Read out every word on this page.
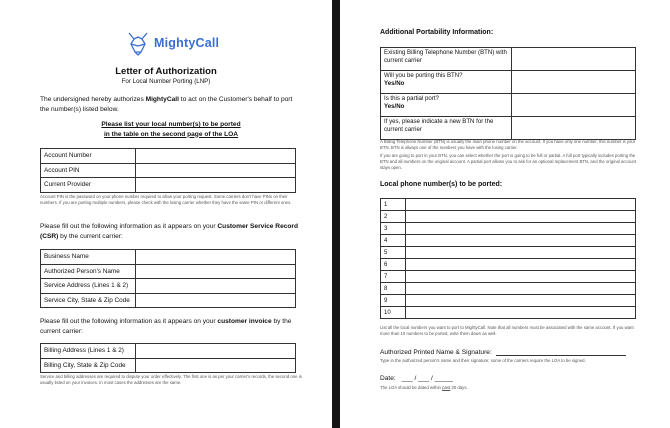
MightyCall
Letter of Authorization
For Local Number Porting (LNP)
The undersigned hereby authorizes MightyCall to act on the Customer's behalf to port the number(s) listed below.
Please list your local number(s) to be ported
in the table on the second page of the LOA
Account Number	
Account PIN	
Current Provider	
Account PIN is the password on your phone number required to allow your porting request. Some carriers don't have PINs on their numbers. If you are porting multiple numbers, please check with the losing carrier whether they have the same PIN or different ones.
Please fill out the following information as it appears on your Customer Service Record (CSR) by the current carrier:
Business Name	
Authorized Person's Name	
Service Address (Lines 1 & 2)	
Service City, State & Zip Code	
Please fill out the following information as it appears on your customer invoice by the current carrier:
Billing Address (Lines 1 & 2)	
Billing City, State & Zip Code	
Service and billing addresses are required to dispute your order effectively. The first one is as per your carrier's records, the second one is usually listed on your invoices. In most cases the addresses are the same.
Additional Portability Information:
Existing Billing Telephone Number (BTN) with current carrier	

Will you be porting this BTN?
Yes/No	

Is this a partial port?
Yes/No	

If yes, please indicate a new BTN for the current carrier	
A Billing Telephone Number (BTN) is usually the main phone number on the account. If you have only one number, this number is your BTN. BTN is always one of the numbers you have with the losing carrier.
If you are going to port in your BTN, you can select whether the port is going to be full or partial. A full port typically includes porting the BTN and all numbers on the original account. A partial port allows you to ask for an optional replacement BTN, and the original account stays open.
Local phone number(s) to be ported:
1	
2	
3	
4	
5	
6	
7	
8	
9	
10	
List all the local numbers you want to port to MightyCall. Note that all numbers must be associated with the same account. If you want more than 10 numbers to be ported, write them down as well.
Authorized Printed Name & Signature:
Type in the authorized person's name and their signature: some of the carriers require the LOA to be signed.
Date: ___ / ___ / _____
The LOA should be dated within past 30 days.
